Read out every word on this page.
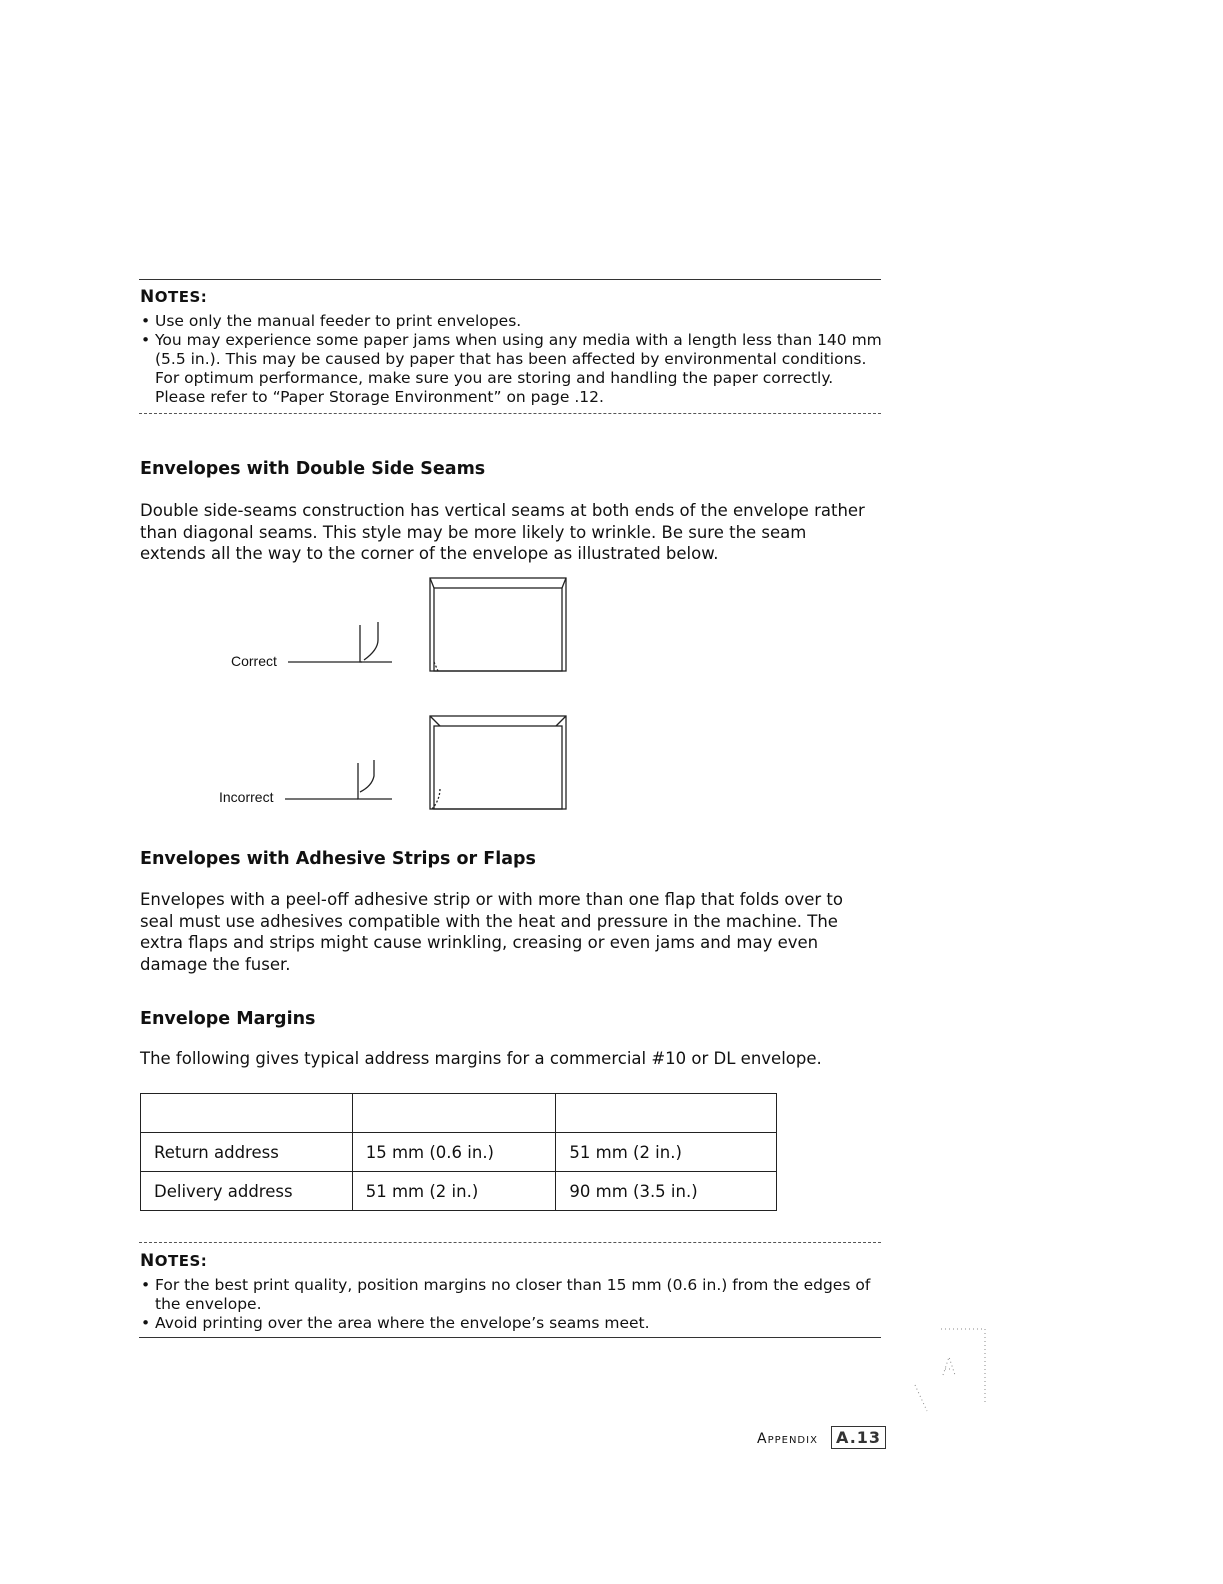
NOTES:
• Use only the manual feeder to print envelopes.
• You may experience some paper jams when using any media with a length less than 140 mm (5.5 in.). This may be caused by paper that has been affected by environmental conditions. For optimum performance, make sure you are storing and handling the paper correctly. Please refer to “Paper Storage Environment” on page .12.
Envelopes with Double Side Seams

Double side-seams construction has vertical seams at both ends of the envelope rather than diagonal seams. This style may be more likely to wrinkle. Be sure the seam extends all the way to the corner of the envelope as illustrated below.

Correct
Incorrect
Envelopes with Adhesive Strips or Flaps

Envelopes with a peel-off adhesive strip or with more than one flap that folds over to seal must use adhesives compatible with the heat and pressure in the machine. The extra flaps and strips might cause wrinkling, creasing or even jams and may even damage the fuser.

Envelope Margins

The following gives typical address margins for a commercial #10 or DL envelope.

Return address	15 mm (0.6 in.)	51 mm (2 in.)
Delivery address	51 mm (2 in.)	90 mm (3.5 in.)
NOTES:
• For the best print quality, position margins no closer than 15 mm (0.6 in.) from the edges of the envelope.
• Avoid printing over the area where the envelope’s seams meet.
Appendix A.13
